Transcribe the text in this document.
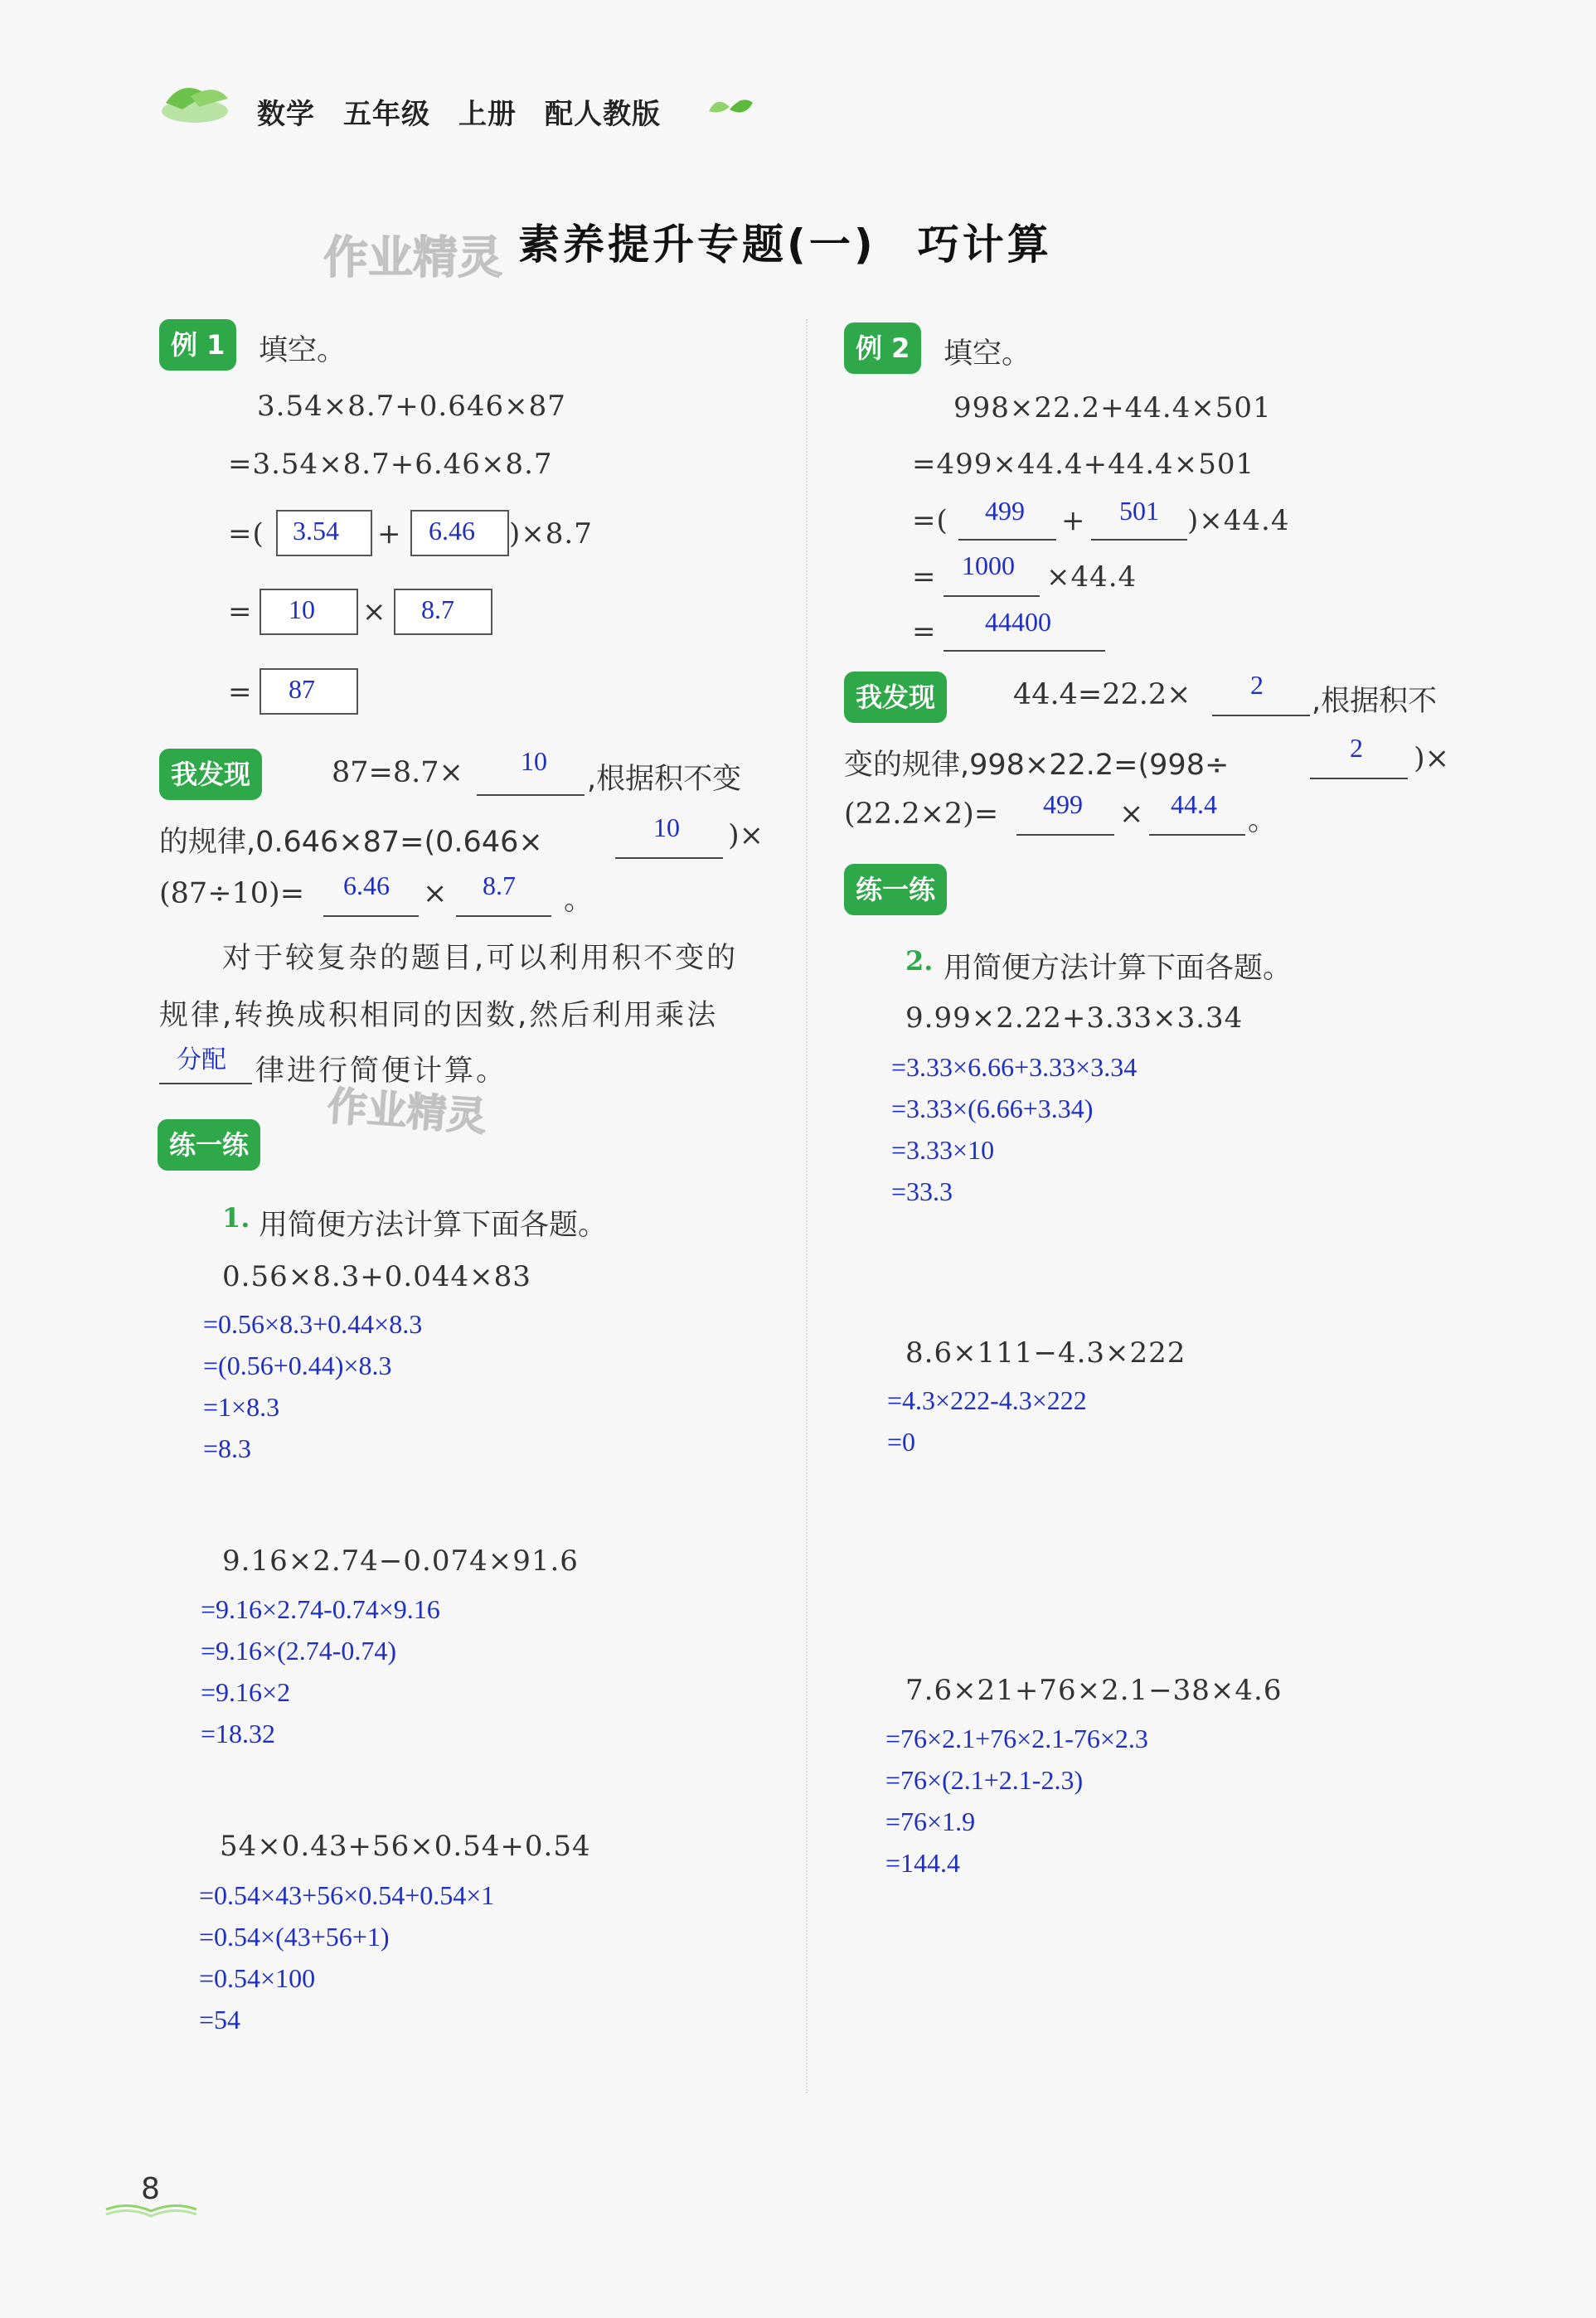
数学 五年级 上册 配人教版
作业精灵
作业精灵
素养提升专题(一) 巧计算
例 1	填空。
3.54×8.7+0.646×87
=3.54×8.7+6.46×8.7
=( 3.54 + 6.46 )×8.7
= 10 × 8.7
= 87
我发现	87=8.7× 10
,根据积不变
的规律,0.646×87=(0.646×	10 )×
(87÷10)= 6.46 × 8.7 。
对于较复杂的题目,可以利用积不变的
规律,转换成积相同的因数,然后利用乘法
分配 律进行简便计算。
练一练
1. 用简便方法计算下面各题。
0.56×8.3+0.044×83
=0.56×8.3+0.44×8.3
=(0.56+0.44)×8.3
=1×8.3
=8.3
9.16×2.74−0.074×91.6
=9.16×2.74-0.74×9.16
=9.16×(2.74-0.74)
=9.16×2
=18.32
54×0.43+56×0.54+0.54
=0.54×43+56×0.54+0.54×1
=0.54×(43+56+1)
=0.54×100
=54
例 2	填空。
998×22.2+44.4×501
=499×44.4+44.4×501
=( 499 + 501 )×44.4
= 1000 ×44.4
= 44400
我发现	44.4=22.2× 2 ,根据积不
变的规律,998×22.2=(998÷
2 )×
(22.2×2)= 499 × 44.4 。
练一练
2. 用简便方法计算下面各题。
9.99×2.22+3.33×3.34
=3.33×6.66+3.33×3.34
=3.33×(6.66+3.34)
=3.33×10
=33.3
8.6×111−4.3×222
=4.3×222-4.3×222
=0
7.6×21+76×2.1−38×4.6
=76×2.1+76×2.1-76×2.3
=76×(2.1+2.1-2.3)
=76×1.9
=144.4
8
